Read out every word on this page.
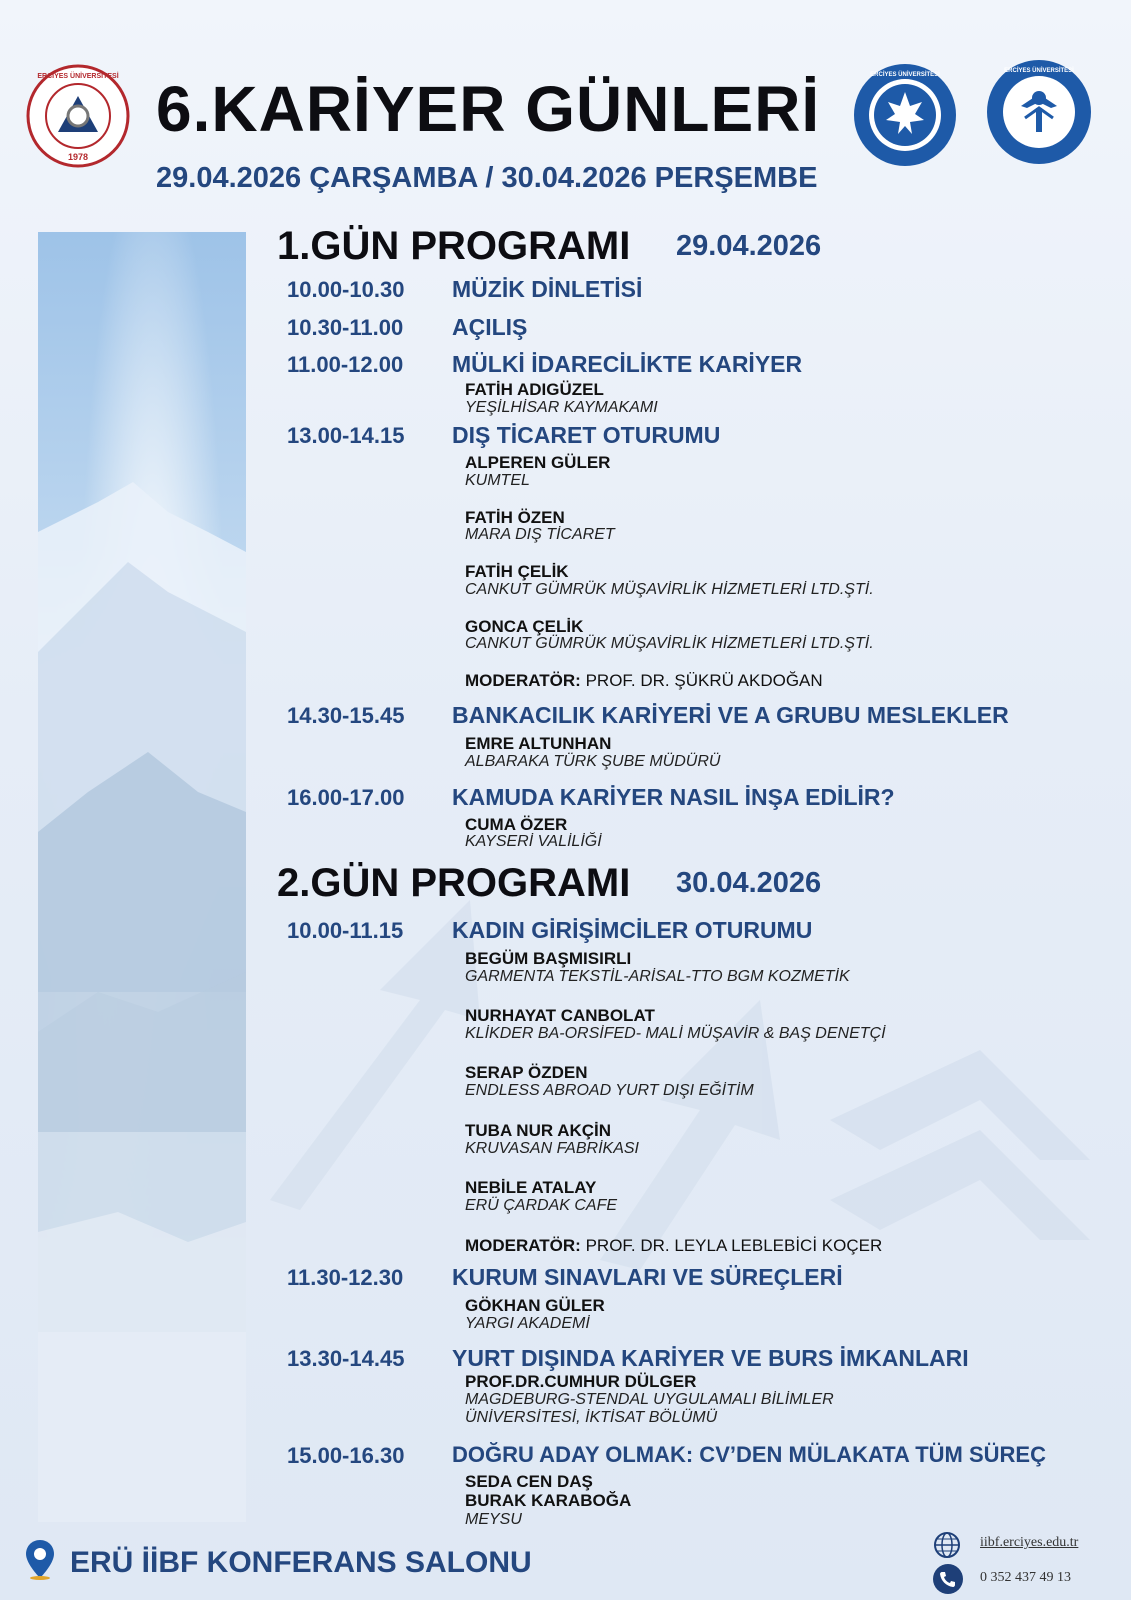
1978
ERCİYES ÜNİVERSİTESİ	ERCİYES ÜNİVERSİTESİ
ERCİYES ÜNİVERSİTESİ
6.KARİYER GÜNLERİ
29.04.2026 ÇARŞAMBA / 30.04.2026 PERŞEMBE
1.GÜN PROGRAMI 29.04.2026
10.00-10.30 MÜZİK DİNLETİSİ
10.30-11.00 AÇILIŞ
11.00-12.00 MÜLKİ İDARECİLİKTE KARİYER
FATİH ADIGÜZEL
YEŞİLHİSAR KAYMAKAMI
13.00-14.15 DIŞ TİCARET OTURUMU
ALPEREN GÜLER
KUMTEL
FATİH ÖZEN
MARA DIŞ TİCARET
FATİH ÇELİK
CANKUT GÜMRÜK MÜŞAVİRLİK HİZMETLERİ LTD.ŞTİ.
GONCA ÇELİK
CANKUT GÜMRÜK MÜŞAVİRLİK HİZMETLERİ LTD.ŞTİ.
MODERATÖR: PROF. DR. ŞÜKRÜ AKDOĞAN
14.30-15.45 BANKACILIK KARİYERİ VE A GRUBU MESLEKLER
EMRE ALTUNHAN
ALBARAKA TÜRK ŞUBE MÜDÜRÜ
16.00-17.00 KAMUDA KARİYER NASIL İNŞA EDİLİR?
CUMA ÖZER
KAYSERİ VALİLİĞİ
2.GÜN PROGRAMI 30.04.2026
10.00-11.15 KADIN GİRİŞİMCİLER OTURUMU
BEGÜM BAŞMISIRLI
GARMENTA TEKSTİL-ARİSAL-TTO BGM KOZMETİK
NURHAYAT CANBOLAT
KLİKDER BA-ORSİFED- MALİ MÜŞAVİR & BAŞ DENETÇİ
SERAP ÖZDEN
ENDLESS ABROAD YURT DIŞI EĞİTİM
TUBA NUR AKÇİN
KRUVASAN FABRİKASI
NEBİLE ATALAY
ERÜ ÇARDAK CAFE
MODERATÖR: PROF. DR. LEYLA LEBLEBİCİ KOÇER
11.30-12.30 KURUM SINAVLARI VE SÜREÇLERİ
GÖKHAN GÜLER
YARGI AKADEMİ
13.30-14.45 YURT DIŞINDA KARİYER VE BURS İMKANLARI
PROF.DR.CUMHUR DÜLGER
MAGDEBURG-STENDAL UYGULAMALI BİLİMLER
ÜNİVERSİTESİ, İKTİSAT BÖLÜMÜ
15.00-16.30 DOĞRU ADAY OLMAK: CV’DEN MÜLAKATA TÜM SÜREÇ
SEDA CEN DAŞ
BURAK KARABOĞA
MEYSU
ERÜ İİBF KONFERANS SALONU
iibf.erciyes.edu.tr
0 352 437 49 13
